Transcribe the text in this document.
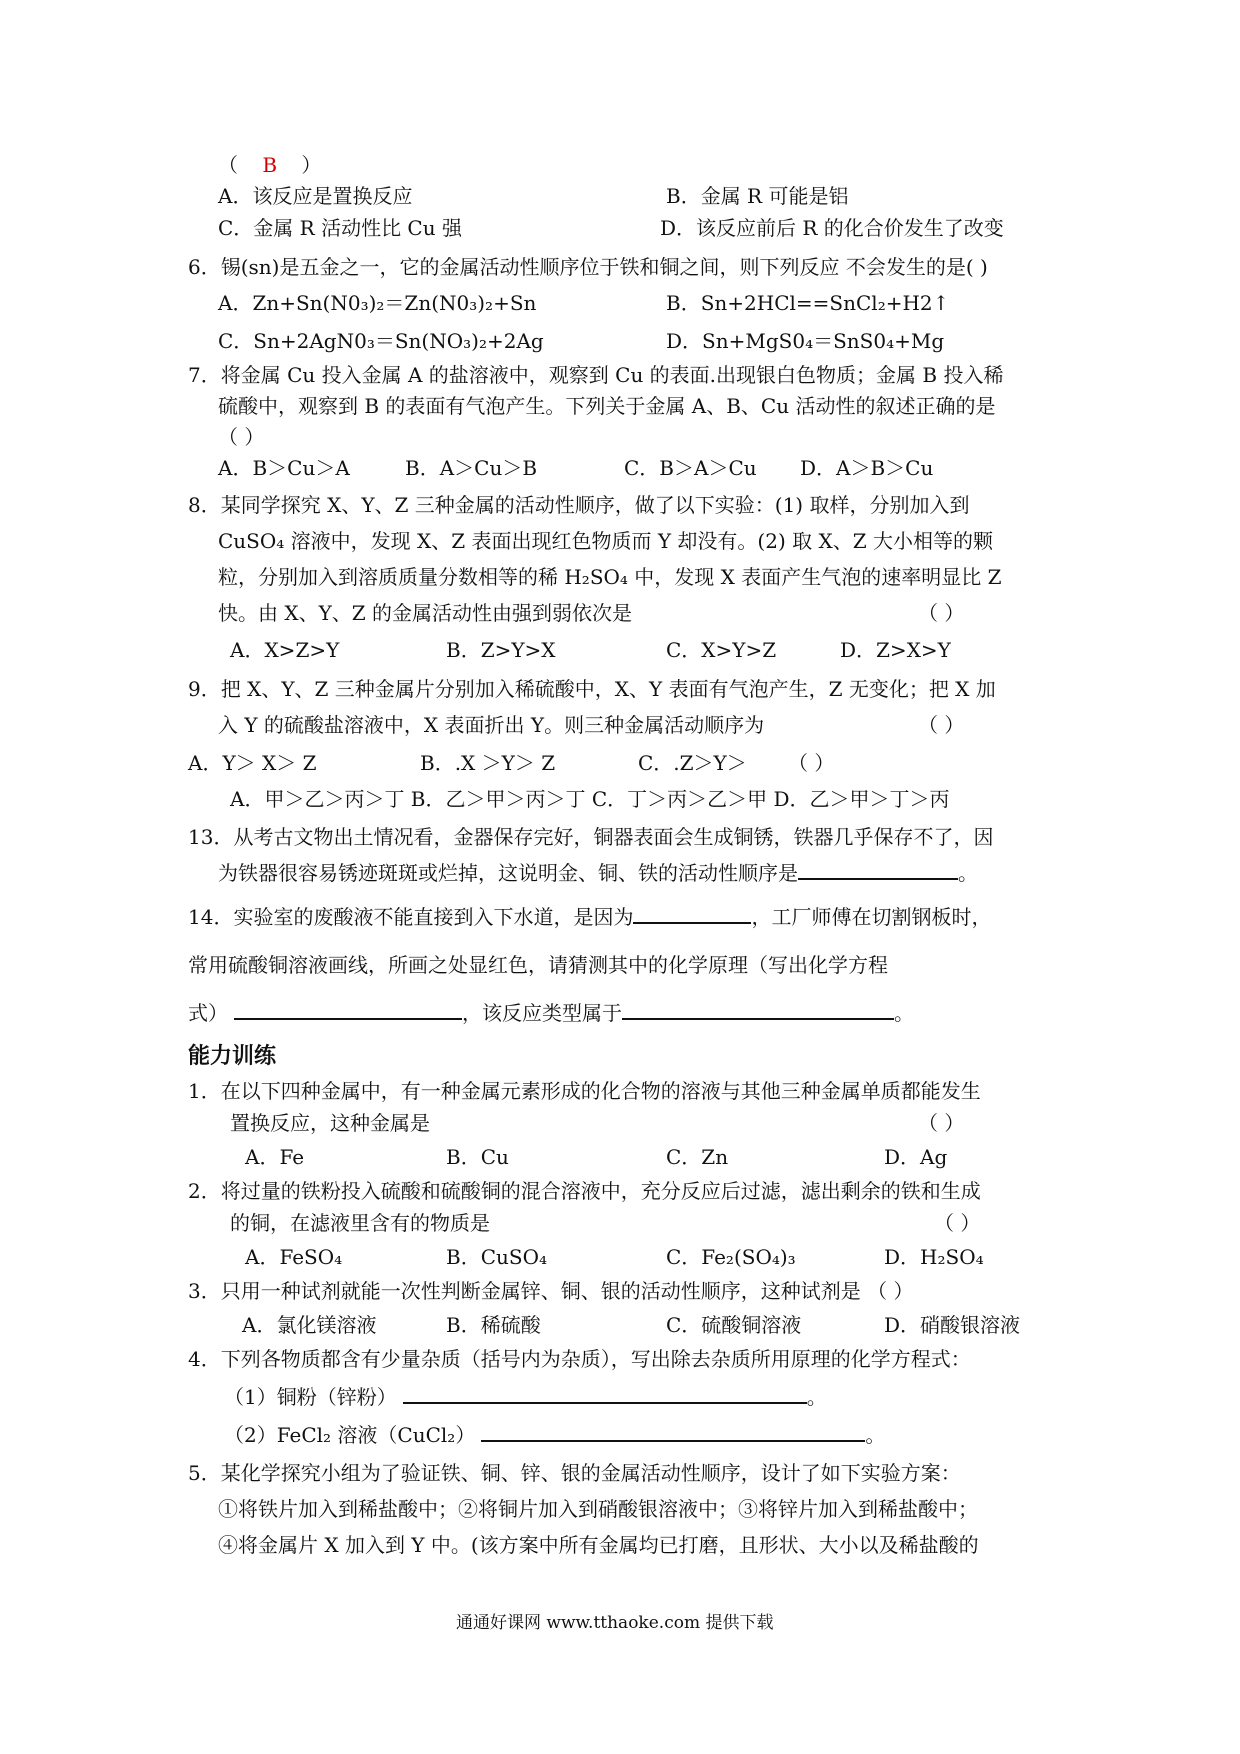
（ B ）
A．该反应是置换反应	B．金属 R 可能是铝
C．金属 R 活动性比 Cu 强	D．该反应前后 R 的化合价发生了改变
6．锡(sn)是五金之一，它的金属活动性顺序位于铁和铜之间，则下列反应 不会发生的是( )
A．Zn+Sn(N0₃)₂＝Zn(N0₃)₂+Sn	B．Sn+2HCl==SnCl₂+H2↑
C．Sn+2AgN0₃＝Sn(NO₃)₂+2Ag	D．Sn+MgS0₄＝SnS0₄+Mg
7．将金属 Cu 投入金属 A 的盐溶液中，观察到 Cu 的表面.出现银白色物质；金属 B 投入稀
硫酸中，观察到 B 的表面有气泡产生。下列关于金属 A、B、Cu 活动性的叙述正确的是
（ ）
A．B＞Cu＞A	B．A＞Cu＞B	C．B＞A＞Cu D．A＞B＞Cu
8．某同学探究 X、Y、Z 三种金属的活动性顺序，做了以下实验：(1) 取样，分别加入到
CuSO₄ 溶液中，发现 X、Z 表面出现红色物质而 Y 却没有。(2) 取 X、Z 大小相等的颗
粒，分别加入到溶质质量分数相等的稀 H₂SO₄ 中，发现 X 表面产生气泡的速率明显比 Z
快。由 X、Y、Z 的金属活动性由强到弱依次是	（ ）
A．X>Z>Y	B．Z>Y>X	C．X>Y>Z	D．Z>X>Y
9．把 X、Y、Z 三种金属片分别加入稀硫酸中，X、Y 表面有气泡产生，Z 无变化；把 X 加
入 Y 的硫酸盐溶液中，X 表面折出 Y。则三种金属活动顺序为	（ ）
A．Y＞ X＞ Z	B．.X ＞Y＞ Z	C．.Z＞Y＞ （ ）
A．甲＞乙＞丙＞丁 B．乙＞甲＞丙＞丁 C．丁＞丙＞乙＞甲 D．乙＞甲＞丁＞丙
13．从考古文物出土情况看，金器保存完好，铜器表面会生成铜锈，铁器几乎保存不了，因
为铁器很容易锈迹斑斑或烂掉，这说明金、铜、铁的活动性顺序是	。
14．实验室的废酸液不能直接到入下水道，是因为	，工厂师傅在切割钢板时，
常用硫酸铜溶液画线，所画之处显红色，请猜测其中的化学原理（写出化学方程
式）	，该反应类型属于	。
能力训练
1．在以下四种金属中，有一种金属元素形成的化合物的溶液与其他三种金属单质都能发生
置换反应，这种金属是	（ ）
A．Fe	B．Cu	C．Zn	D．Ag
2．将过量的铁粉投入硫酸和硫酸铜的混合溶液中，充分反应后过滤，滤出剩余的铁和生成
的铜，在滤液里含有的物质是	（ ）
A．FeSO₄	B．CuSO₄	C．Fe₂(SO₄)₃	D．H₂SO₄
3．只用一种试剂就能一次性判断金属锌、铜、银的活动性顺序，这种试剂是 （ ）
A．氯化镁溶液	B．稀硫酸	C．硫酸铜溶液	D．硝酸银溶液
4．下列各物质都含有少量杂质（括号内为杂质），写出除去杂质所用原理的化学方程式：
（1）铜粉（锌粉）	。
（2）FeCl₂ 溶液（CuCl₂）	。
5．某化学探究小组为了验证铁、铜、锌、银的金属活动性顺序，设计了如下实验方案：
①将铁片加入到稀盐酸中；②将铜片加入到硝酸银溶液中；③将锌片加入到稀盐酸中；
④将金属片 X 加入到 Y 中。(该方案中所有金属均已打磨，且形状、大小以及稀盐酸的
通通好课网 www.tthaoke.com 提供下载
